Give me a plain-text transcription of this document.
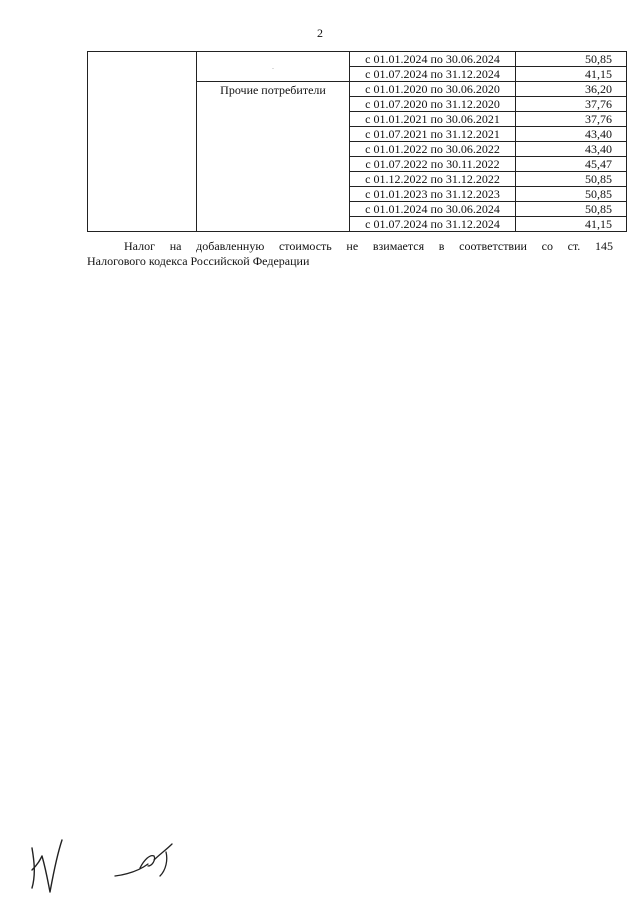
2
	.	с 01.01.2024 по 30.06.2024	50,85
		с 01.07.2024 по 31.12.2024	41,15

	Прочие потребители	с 01.01.2020 по 30.06.2020	36,20
		с 01.07.2020 по 31.12.2020	37,76
		с 01.01.2021 по 30.06.2021	37,76
		с 01.07.2021 по 31.12.2021	43,40
		с 01.01.2022 по 30.06.2022	43,40
		с 01.07.2022 по 30.11.2022	45,47
		с 01.12.2022 по 31.12.2022	50,85
		с 01.01.2023 по 31.12.2023	50,85
		с 01.01.2024 по 30.06.2024	50,85
		с 01.07.2024 по 31.12.2024	41,15
Налог на добавленную стоимость не взимается в соответствии со ст. 145
Налогового кодекса Российской Федерации
